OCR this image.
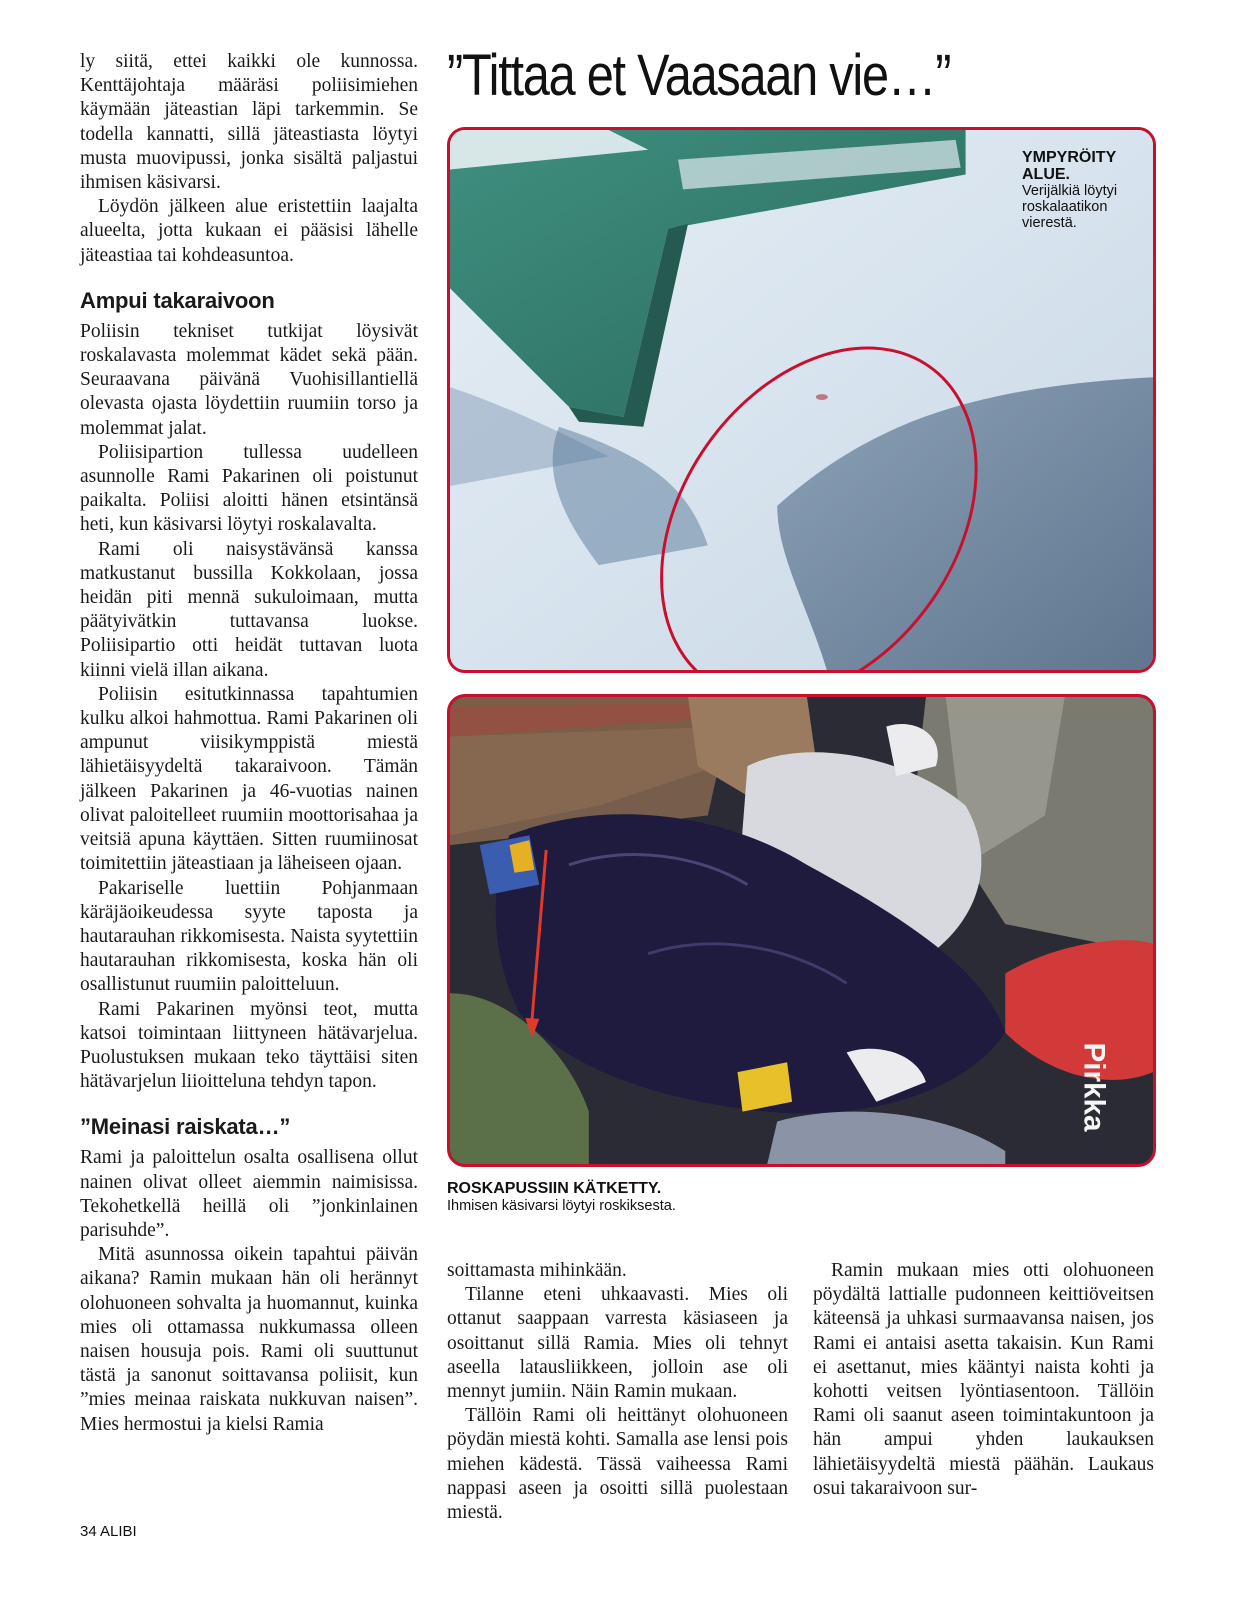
ly siitä, ettei kaikki ole kunnossa. Kenttäjohtaja määräsi poliisimiehen käymään jäteastian läpi tarkemmin. Se todella kannatti, sillä jäteastiasta löytyi musta muovipussi, jonka sisältä paljastui ihmisen käsivarsi.

Löydön jälkeen alue eristettiin laajalta alueelta, jotta kukaan ei pääsisi lähelle jäteastiaa tai kohdeasuntoa.

Ampui takaraivoon

Poliisin tekniset tutkijat löysivät roskalavasta molemmat kädet sekä pään. Seuraavana päivänä Vuohisillantiellä olevasta ojasta löydettiin ruumiin torso ja molemmat jalat.

Poliisipartion tullessa uudelleen asunnolle Rami Pakarinen oli poistunut paikalta. Poliisi aloitti hänen etsintänsä heti, kun käsivarsi löytyi roskalavalta.

Rami oli naisystävänsä kanssa matkustanut bussilla Kokkolaan, jossa heidän piti mennä sukuloimaan, mutta päätyivätkin tuttavansa luokse. Poliisipartio otti heidät tuttavan luota kiinni vielä illan aikana.

Poliisin esitutkinnassa tapahtumien kulku alkoi hahmottua. Rami Pakarinen oli ampunut viisikymppistä miestä lähietäisyydeltä takaraivoon. Tämän jälkeen Pakarinen ja 46-vuotias nainen olivat paloitelleet ruumiin moottorisahaa ja veitsiä apuna käyttäen. Sitten ruumiinosat toimitettiin jäteastiaan ja läheiseen ojaan.

Pakariselle luettiin Pohjanmaan käräjäoikeudessa syyte taposta ja hautarauhan rikkomisesta. Naista syytettiin hautarauhan rikkomisesta, koska hän oli osallistunut ruumiin paloitteluun.

Rami Pakarinen myönsi teot, mutta katsoi toimintaan liittyneen hätävarjelua. Puolustuksen mukaan teko täyttäisi siten hätävarjelun liioitteluna tehdyn tapon.

”Meinasi raiskata…”

Rami ja paloittelun osalta osallisena ollut nainen olivat olleet aiemmin naimisissa. Tekohetkellä heillä oli ”jonkinlainen parisuhde”.

Mitä asunnossa oikein tapahtui päivän aikana? Ramin mukaan hän oli herännyt olohuoneen sohvalta ja huomannut, kuinka mies oli ottamassa nukkumassa olleen naisen housuja pois. Rami oli suuttunut tästä ja sanonut soittavansa poliisit, kun ”mies meinaa raiskata nukkuvan naisen”. Mies hermostui ja kielsi Ramia

”Tittaa et Vaasaan vie…”
YMPYRÖITY ALUE.
Verijälkiä löytyi roskalaatikon vierestä.
Pirkka
ROSKAPUSSIIN KÄTKETTY.
Ihmisen käsivarsi löytyi roskiksesta.

soittamasta mihinkään.

Tilanne eteni uhkaavasti. Mies oli ottanut saappaan varresta käsiaseen ja osoittanut sillä Ramia. Mies oli tehnyt aseella latausliikkeen, jolloin ase oli mennyt jumiin. Näin Ramin mukaan.

Tällöin Rami oli heittänyt olohuoneen pöydän miestä kohti. Samalla ase lensi pois miehen kädestä. Tässä vaiheessa Rami nappasi aseen ja osoitti sillä puolestaan miestä.

Ramin mukaan mies otti olohuoneen pöydältä lattialle pudonneen keittiöveitsen käteensä ja uhkasi surmaavansa naisen, jos Rami ei antaisi asetta takaisin. Kun Rami ei asettanut, mies kääntyi naista kohti ja kohotti veitsen lyöntiasentoon. Tällöin Rami oli saanut aseen toimintakuntoon ja hän ampui yhden laukauksen lähietäisyydeltä miestä päähän. Laukaus osui takaraivoon sur-

34 ALIBI
